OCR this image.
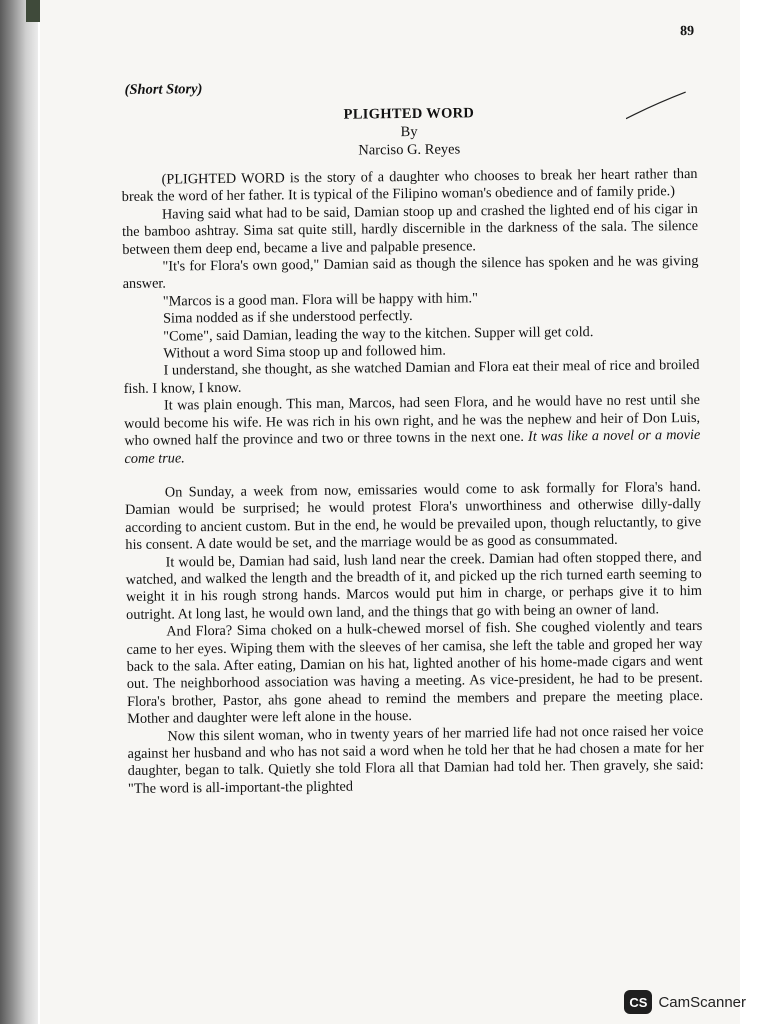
89
(Short Story)
PLIGHTED WORD
By
Narciso G. Reyes

(PLIGHTED WORD is the story of a daughter who chooses to break her heart rather than break the word of her father. It is typical of the Filipino woman's obedience and of family pride.)

Having said what had to be said, Damian stoop up and crashed the lighted end of his cigar in the bamboo ashtray. Sima sat quite still, hardly discernible in the darkness of the sala. The silence between them deep end, became a live and palpable presence.

"It's for Flora's own good," Damian said as though the silence has spoken and he was giving answer.

"Marcos is a good man. Flora will be happy with him."

Sima nodded as if she understood perfectly.

"Come", said Damian, leading the way to the kitchen. Supper will get cold.

Without a word Sima stoop up and followed him.

I understand, she thought, as she watched Damian and Flora eat their meal of rice and broiled fish. I know, I know.

It was plain enough. This man, Marcos, had seen Flora, and he would have no rest until she would become his wife. He was rich in his own right, and he was the nephew and heir of Don Luis, who owned half the province and two or three towns in the next one. It was like a novel or a movie come true.

On Sunday, a week from now, emissaries would come to ask formally for Flora's hand. Damian would be surprised; he would protest Flora's unworthiness and otherwise dilly-dally according to ancient custom. But in the end, he would be prevailed upon, though reluctantly, to give his consent. A date would be set, and the marriage would be as good as consummated.

It would be, Damian had said, lush land near the creek. Damian had often stopped there, and watched, and walked the length and the breadth of it, and picked up the rich turned earth seeming to weight it in his rough strong hands. Marcos would put him in charge, or perhaps give it to him outright. At long last, he would own land, and the things that go with being an owner of land.

And Flora? Sima choked on a hulk-chewed morsel of fish. She coughed violently and tears came to her eyes. Wiping them with the sleeves of her camisa, she left the table and groped her way back to the sala. After eating, Damian on his hat, lighted another of his home-made cigars and went out. The neighborhood association was having a meeting. As vice-president, he had to be present. Flora's brother, Pastor, ahs gone ahead to remind the members and prepare the meeting place. Mother and daughter were left alone in the house.

Now this silent woman, who in twenty years of her married life had not once raised her voice against her husband and who has not said a word when he told her that he had chosen a mate for her daughter, began to talk. Quietly she told Flora all that Damian had told her. Then gravely, she said: "The word is all-important-the plighted

CS CamScanner
